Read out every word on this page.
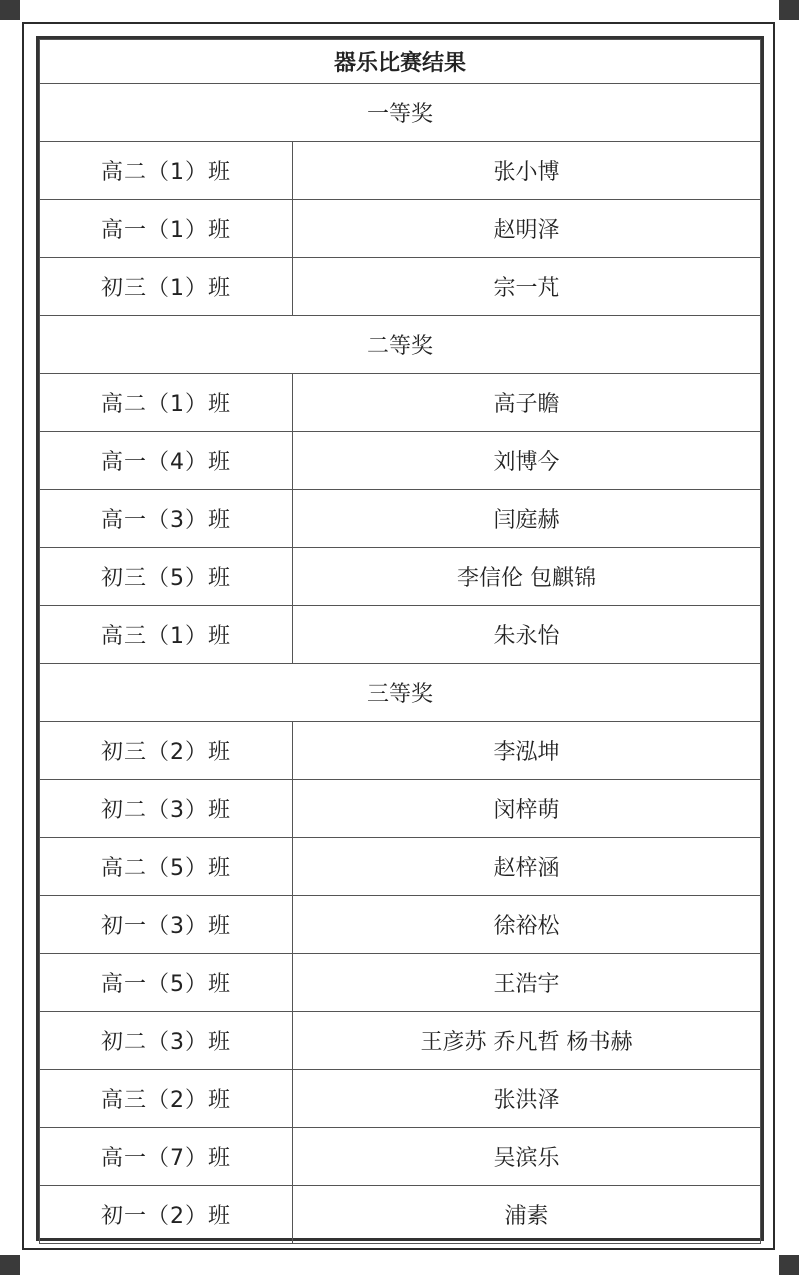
器乐比赛结果	
一等奖	
高二（1）班	张小博
高一（1）班	赵明泽
初三（1）班	宗一芃
二等奖	
高二（1）班	高子瞻
高一（4）班	刘博今
高一（3）班	闫庭赫
初三（5）班	李信伦 包麒锦
高三（1）班	朱永怡
三等奖	
初三（2）班	李泓坤
初二（3）班	闵梓萌
高二（5）班	赵梓涵
初一（3）班	徐裕松
高一（5）班	王浩宇
初二（3）班	王彦苏 乔凡哲 杨书赫
高三（2）班	张洪泽
高一（7）班	吴滨乐
初一（2）班	浦素
